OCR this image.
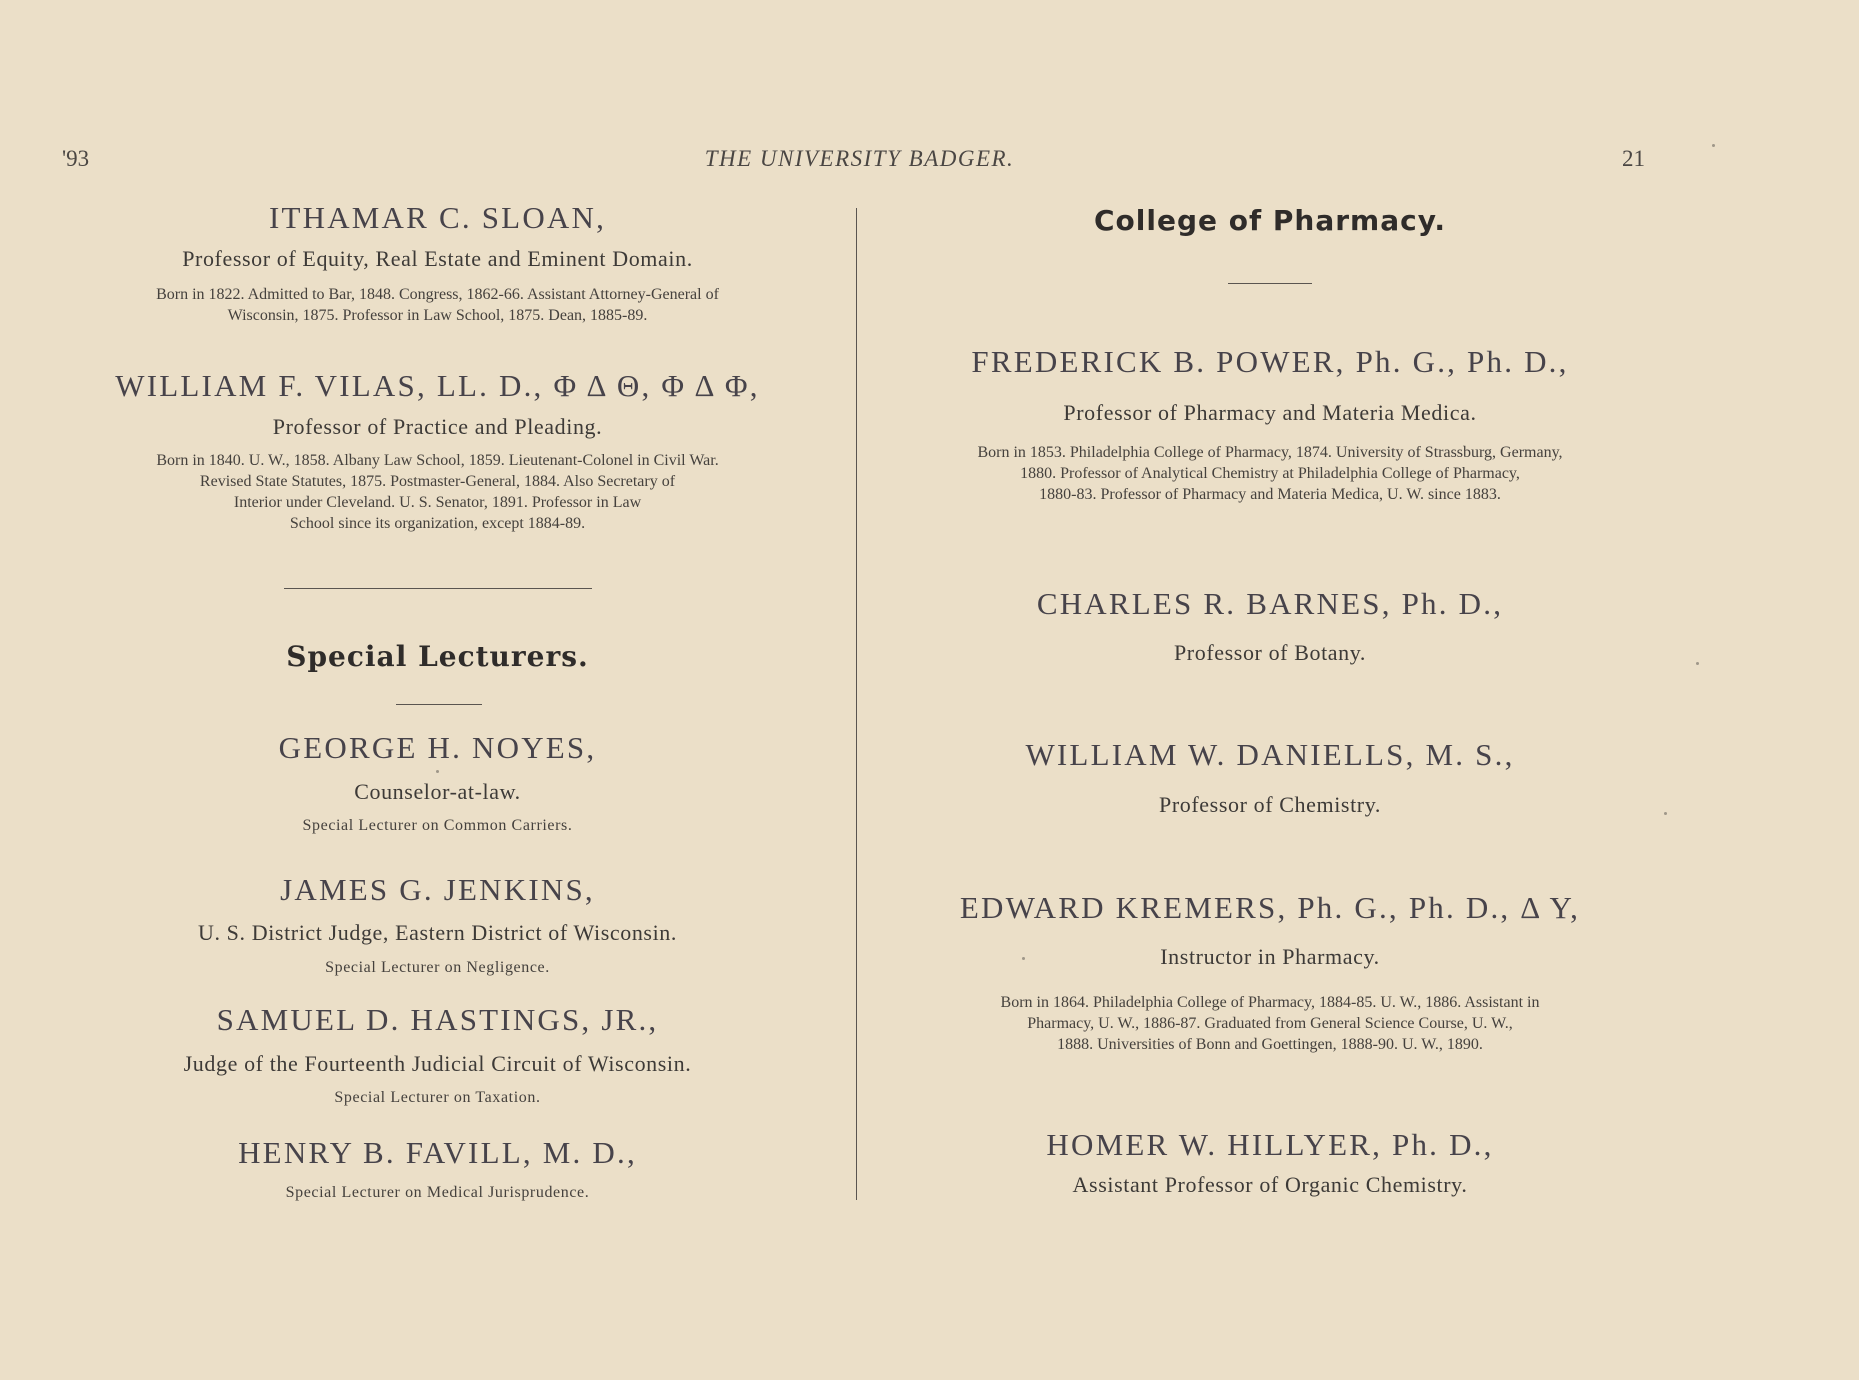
'93	THE UNIVERSITY BADGER.	21
ITHAMAR C. SLOAN,
Professor of Equity, Real Estate and Eminent Domain.
Born in 1822. Admitted to Bar, 1848. Congress, 1862-66. Assistant Attorney-General of
Wisconsin, 1875. Professor in Law School, 1875. Dean, 1885-89.
WILLIAM F. VILAS, LL. D., Φ Δ Θ, Φ Δ Φ,
Professor of Practice and Pleading.
Born in 1840. U. W., 1858. Albany Law School, 1859. Lieutenant-Colonel in Civil War.
Revised State Statutes, 1875. Postmaster-General, 1884. Also Secretary of
Interior under Cleveland. U. S. Senator, 1891. Professor in Law
School since its organization, except 1884-89.
Special Lecturers.
GEORGE H. NOYES,
Counselor-at-law.
Special Lecturer on Common Carriers.
JAMES G. JENKINS,
U. S. District Judge, Eastern District of Wisconsin.
Special Lecturer on Negligence.
SAMUEL D. HASTINGS, JR.,
Judge of the Fourteenth Judicial Circuit of Wisconsin.
Special Lecturer on Taxation.
HENRY B. FAVILL, M. D.,
Special Lecturer on Medical Jurisprudence.
College of Pharmacy.
FREDERICK B. POWER, Ph. G., Ph. D.,
Professor of Pharmacy and Materia Medica.
Born in 1853. Philadelphia College of Pharmacy, 1874. University of Strassburg, Germany,
1880. Professor of Analytical Chemistry at Philadelphia College of Pharmacy,
1880-83. Professor of Pharmacy and Materia Medica, U. W. since 1883.
CHARLES R. BARNES, Ph. D.,
Professor of Botany.
WILLIAM W. DANIELLS, M. S.,
Professor of Chemistry.
EDWARD KREMERS, Ph. G., Ph. D., Δ Υ,
Instructor in Pharmacy.
Born in 1864. Philadelphia College of Pharmacy, 1884-85. U. W., 1886. Assistant in
Pharmacy, U. W., 1886-87. Graduated from General Science Course, U. W.,
1888. Universities of Bonn and Goettingen, 1888-90. U. W., 1890.
HOMER W. HILLYER, Ph. D.,
Assistant Professor of Organic Chemistry.
